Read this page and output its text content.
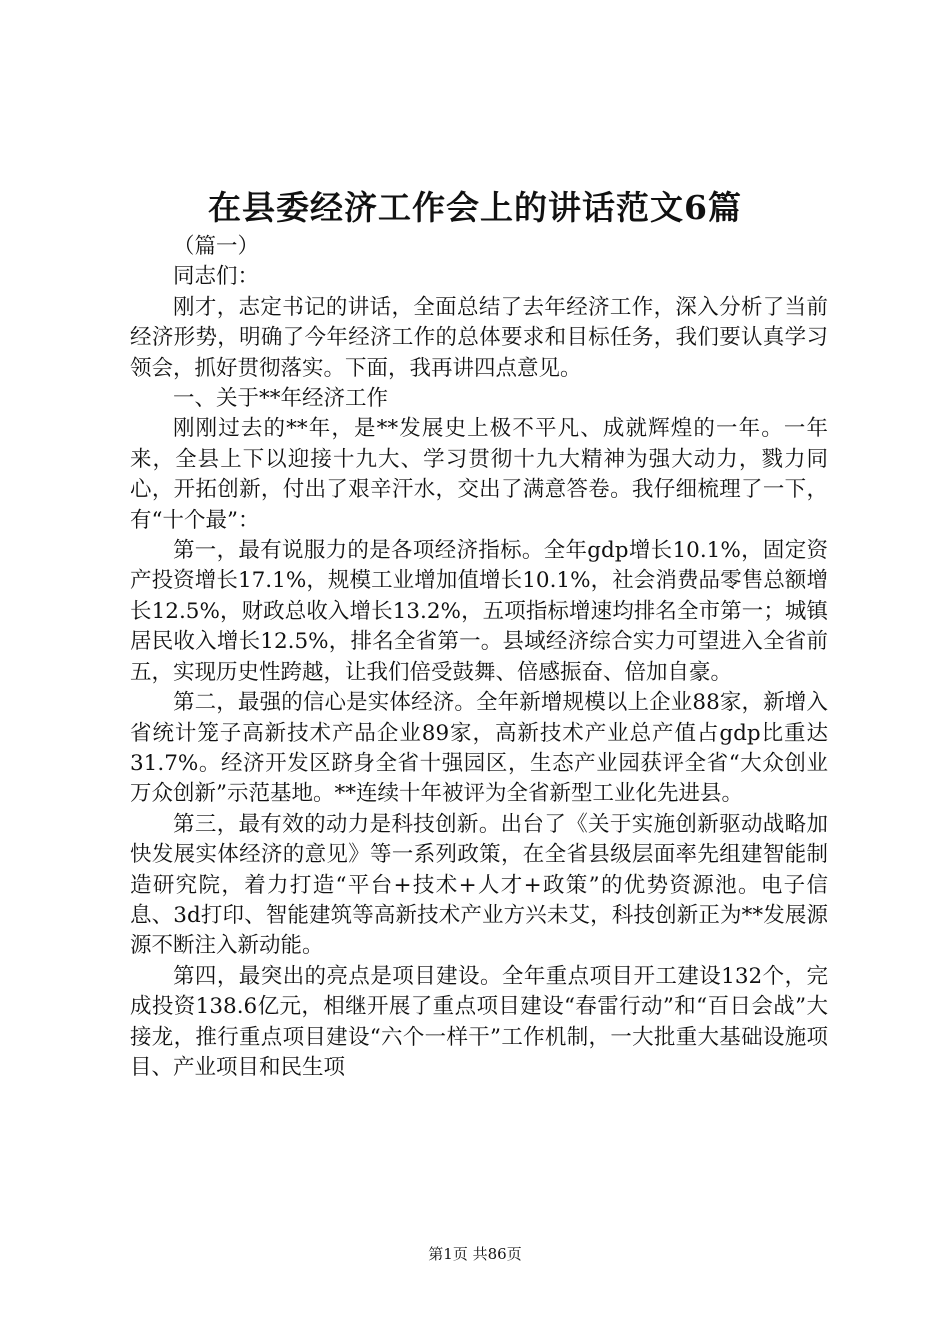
在县委经济工作会上的讲话范文6篇

（篇一）

同志们：

刚才，志定书记的讲话，全面总结了去年经济工作，深入分析了当前经济形势，明确了今年经济工作的总体要求和目标任务，我们要认真学习领会，抓好贯彻落实。下面，我再讲四点意见。

一、关于**年经济工作

刚刚过去的**年，是**发展史上极不平凡、成就辉煌的一年。一年来，全县上下以迎接十九大、学习贯彻十九大精神为强大动力，戮力同心，开拓创新，付出了艰辛汗水，交出了满意答卷。我仔细梳理了一下，有“十个最”：

第一，最有说服力的是各项经济指标。全年gdp增长10.1%，固定资产投资增长17.1%，规模工业增加值增长10.1%，社会消费品零售总额增长12.5%，财政总收入增长13.2%，五项指标增速均排名全市第一；城镇居民收入增长12.5%，排名全省第一。县域经济综合实力可望进入全省前五，实现历史性跨越，让我们倍受鼓舞、倍感振奋、倍加自豪。

第二，最强的信心是实体经济。全年新增规模以上企业88家，新增入省统计笼子高新技术产品企业89家，高新技术产业总产值占gdp比重达31.7%。经济开发区跻身全省十强园区，生态产业园获评全省“大众创业万众创新”示范基地。**连续十年被评为全省新型工业化先进县。

第三，最有效的动力是科技创新。出台了《关于实施创新驱动战略加快发展实体经济的意见》等一系列政策，在全省县级层面率先组建智能制造研究院，着力打造“平台+技术+人才+政策”的优势资源池。电子信息、3d打印、智能建筑等高新技术产业方兴未艾，科技创新正为**发展源源不断注入新动能。

第四，最突出的亮点是项目建设。全年重点项目开工建设132个，完成投资138.6亿元，相继开展了重点项目建设“春雷行动”和“百日会战”大接龙，推行重点项目建设“六个一样干”工作机制，一大批重大基础设施项目、产业项目和民生项

第1页 共86页
